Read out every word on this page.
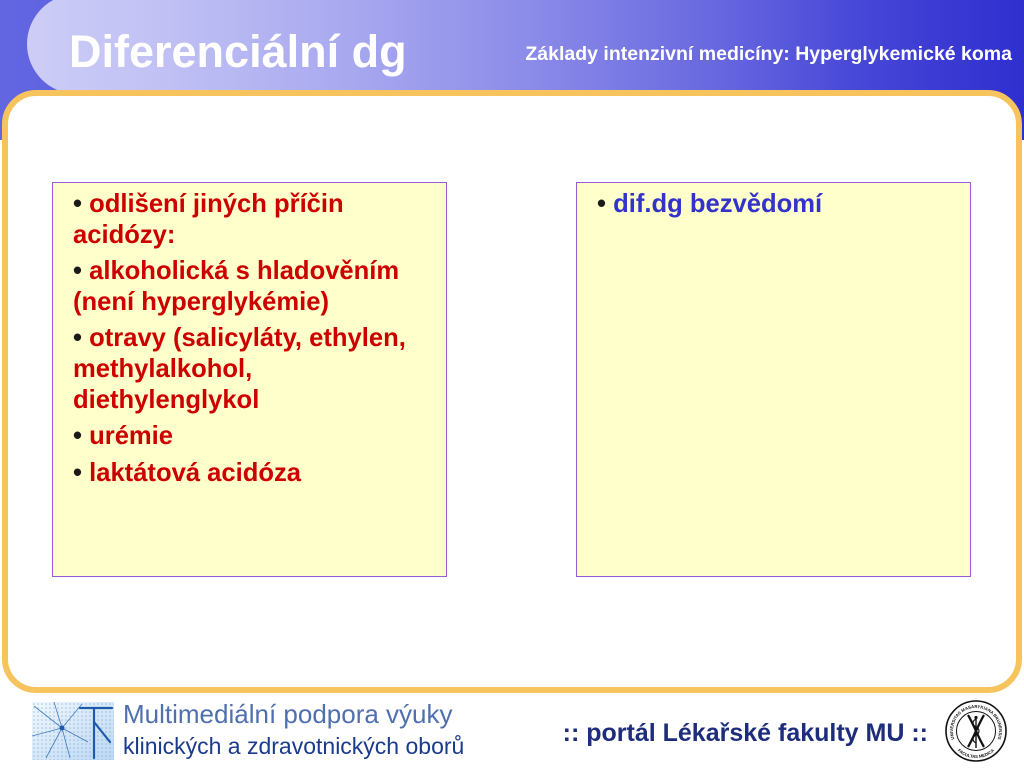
Diferenciální dg	Základy intenzivní medicíny: Hyperglykemické koma

• odlišení jiných příčin acidózy:

• alkoholická s hladověním (není hyperglykémie)

• otravy (salicyláty, ethylen, methylalkohol, diethylenglykol

• urémie

• laktátová acidóza

• dif.dg bezvědomí

Multimediální podpora výuky
klinických a zdravotnických oborů	:: portál Lékařské fakulty MU ::	UNIVERSITAS MASARYKIANA BRUNENSIS
FACULTAS MEDICA
